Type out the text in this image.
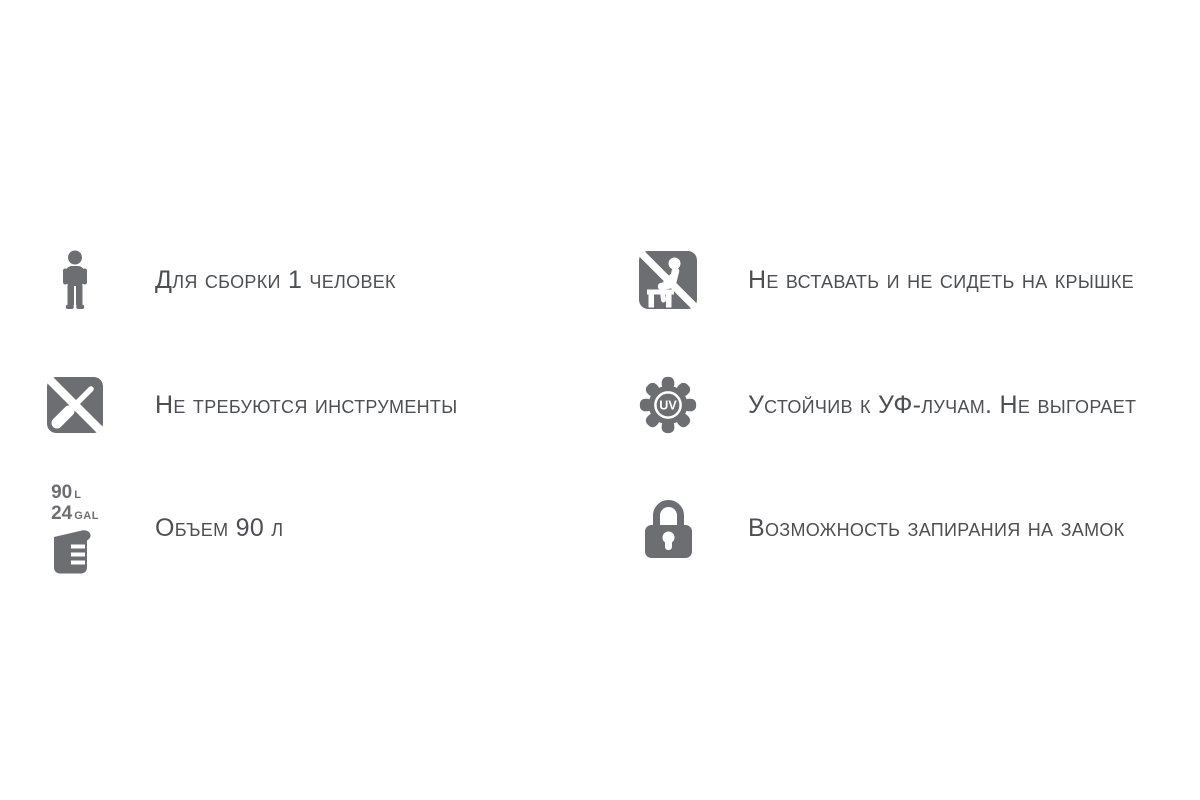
Для сборки 1 человек
Не требуются инструменты
90 L
24 GAL Объем 90 л
Не вставать и не сидеть на крышке
UV	Устойчив к УФ-лучам. Не выгорает
Возможность запирания на замок
